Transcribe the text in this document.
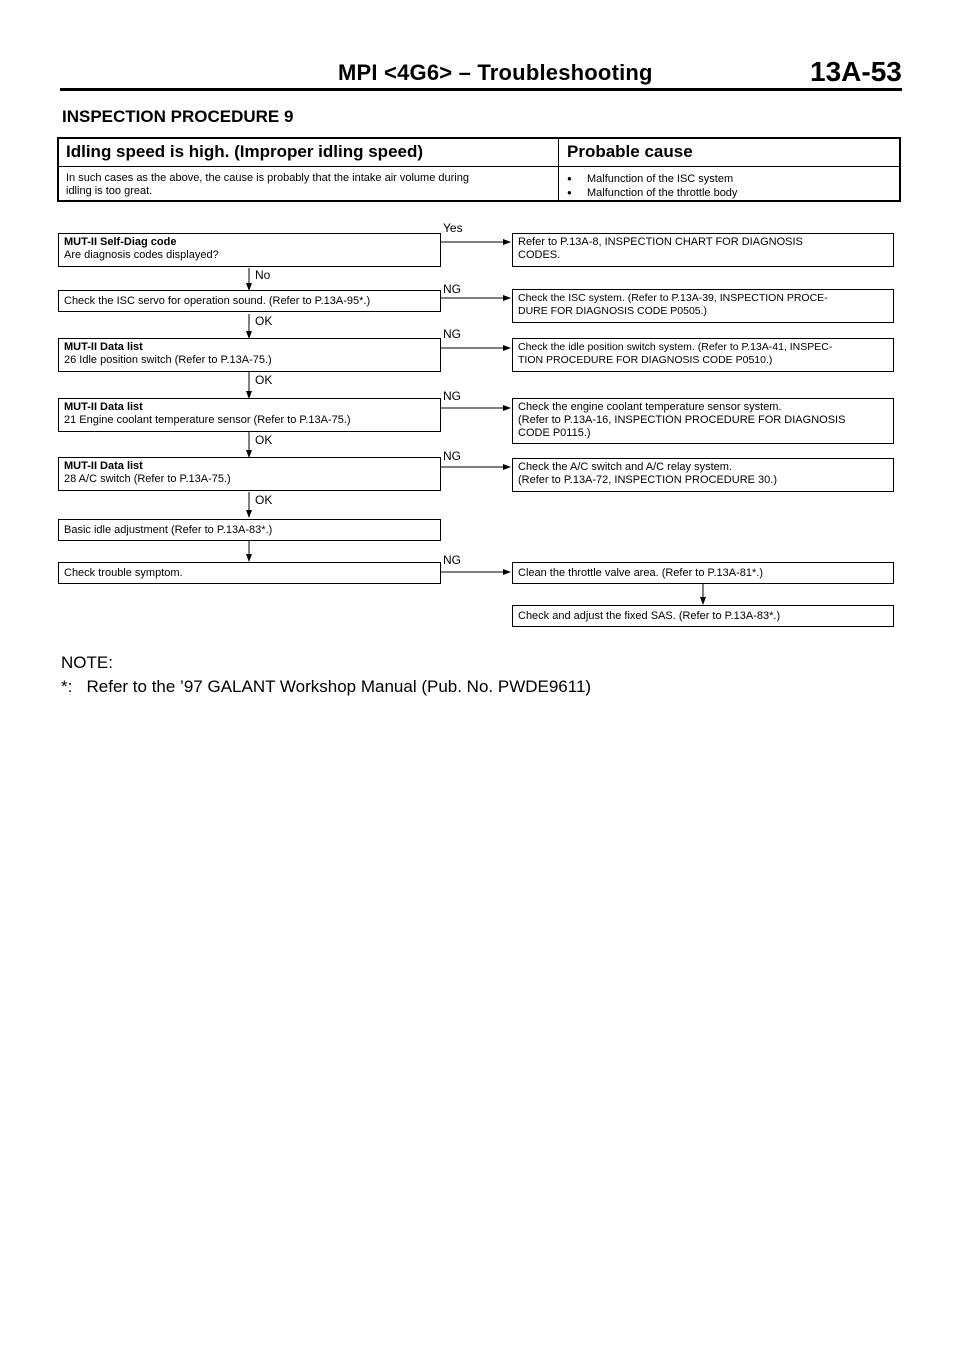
MPI <4G6> – Troubleshooting	13A-53
INSPECTION PROCEDURE 9
Idling speed is high. (Improper idling speed)	Probable cause
In such cases as the above, the cause is probably that the intake air volume during
idling is too great.
● Malfunction of the ISC system
● Malfunction of the throttle body
Yes
No
NG
OK
NG
OK
NG
OK
NG
OK
NG
MUT-II Self-Diag code
Are diagnosis codes displayed?
Check the ISC servo for operation sound. (Refer to P.13A-95*.)
MUT-II Data list
26 Idle position switch (Refer to P.13A-75.)
MUT-II Data list
21 Engine coolant temperature sensor (Refer to P.13A-75.)
MUT-II Data list
28 A/C switch (Refer to P.13A-75.)
Basic idle adjustment (Refer to P.13A-83*.)
Check trouble symptom.
Refer to P.13A-8, INSPECTION CHART FOR DIAGNOSIS
CODES.
Check the ISC system. (Refer to P.13A-39, INSPECTION PROCE-
DURE FOR DIAGNOSIS CODE P0505.)
Check the idle position switch system. (Refer to P.13A-41, INSPEC-
TION PROCEDURE FOR DIAGNOSIS CODE P0510.)
Check the engine coolant temperature sensor system.
(Refer to P.13A-16, INSPECTION PROCEDURE FOR DIAGNOSIS
CODE P0115.)
Check the A/C switch and A/C relay system.
(Refer to P.13A-72, INSPECTION PROCEDURE 30.)
Clean the throttle valve area. (Refer to P.13A-81*.)
Check and adjust the fixed SAS. (Refer to P.13A-83*.)
NOTE:
*:   Refer to the ’97 GALANT Workshop Manual (Pub. No. PWDE9611)
